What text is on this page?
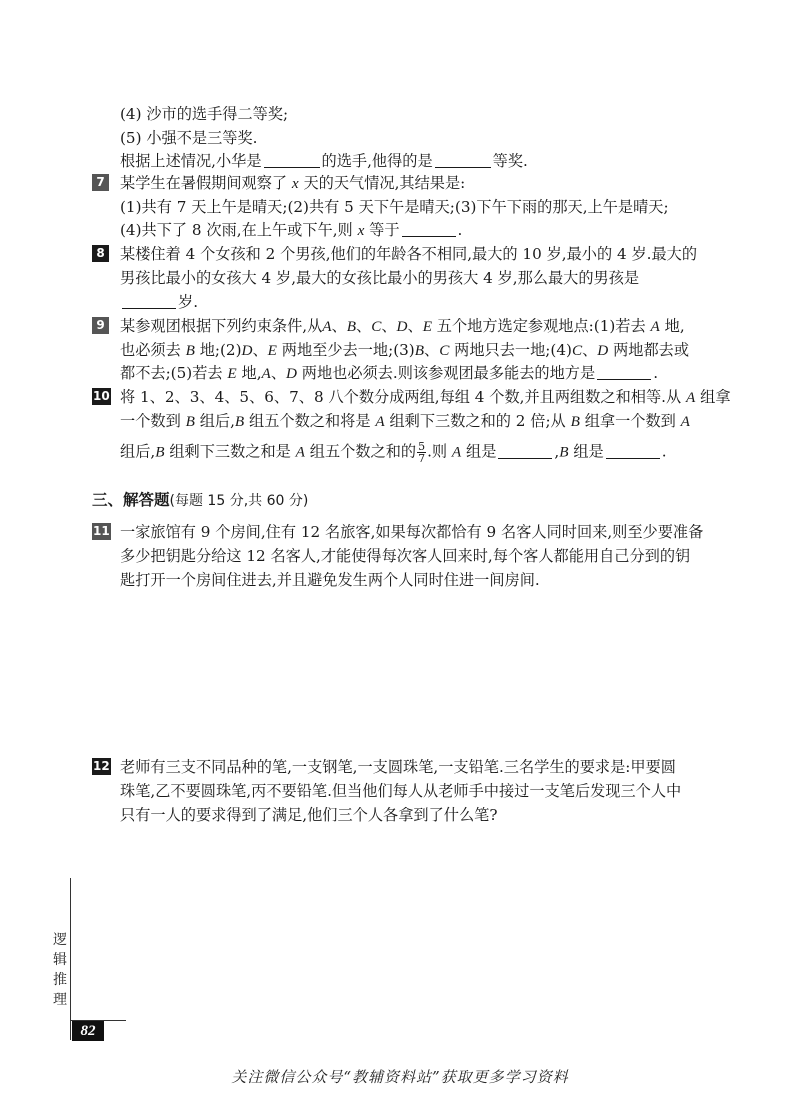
(4) 沙市的选手得二等奖;
(5) 小强不是三等奖.
根据上述情况,小华是	的选手,他得的是	等奖.
7 某学生在暑假期间观察了 x 天的天气情况,其结果是:
(1)共有 7 天上午是晴天;(2)共有 5 天下午是晴天;(3)下午下雨的那天,上午是晴天;
(4)共下了 8 次雨,在上午或下午,则 x 等于	.
8 某楼住着 4 个女孩和 2 个男孩,他们的年龄各不相同,最大的 10 岁,最小的 4 岁.最大的
男孩比最小的女孩大 4 岁,最大的女孩比最小的男孩大 4 岁,那么最大的男孩是
岁.
9 某参观团根据下列约束条件,从A、B、C、D、E 五个地方选定参观地点:(1)若去 A 地,
也必须去 B 地;(2)D、E 两地至少去一地;(3)B、C 两地只去一地;(4)C、D 两地都去或
都不去;(5)若去 E 地,A、D 两地也必须去.则该参观团最多能去的地方是	.
10 将 1、2、3、4、5、6、7、8 八个数分成两组,每组 4 个数,并且两组数之和相等.从 A 组拿
一个数到 B 组后,B 组五个数之和将是 A 组剩下三数之和的 2 倍;从 B 组拿一个数到 A
组后,B 组剩下三数之和是 A 组五个数之和的 $\frac{5}{7}$ .则 A 组是	,B 组是	.
三、解答题(每题 15 分,共 60 分)
11 一家旅馆有 9 个房间,住有 12 名旅客,如果每次都恰有 9 名客人同时回来,则至少要准备
多少把钥匙分给这 12 名客人,才能使得每次客人回来时,每个客人都能用自己分到的钥
匙打开一个房间住进去,并且避免发生两个人同时住进一间房间.
12 老师有三支不同品种的笔,一支钢笔,一支圆珠笔,一支铅笔.三名学生的要求是:甲要圆
珠笔,乙不要圆珠笔,丙不要铅笔.但当他们每人从老师手中接过一支笔后发现三个人中
只有一人的要求得到了满足,他们三个人各拿到了什么笔?
逻
辑
推
理
82
关注微信公众号“教辅资料站”获取更多学习资料
